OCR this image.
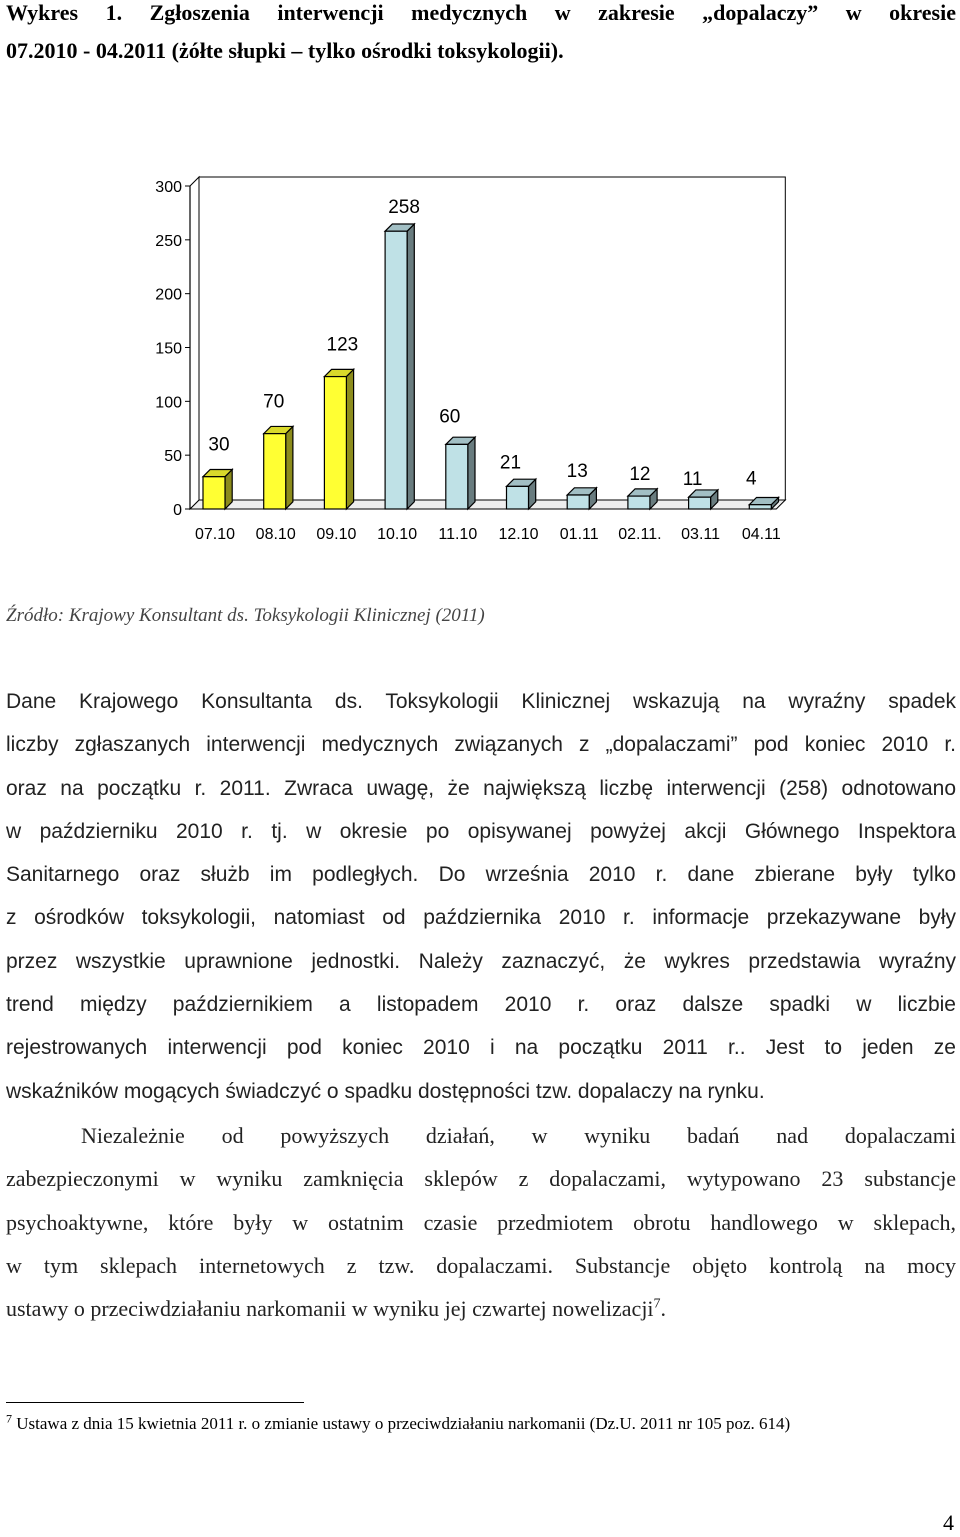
Wykres 1. Zgłoszenia interwencji medycznych w zakresie „dopalaczy” w okresie
07.2010 - 04.2011 (żółte słupki – tylko ośrodki toksykologii).
0
50
100
150
200
250
300
30
70
123
258
60
21 13 12 11 4
07.10 08.10 09.10 10.10 11.10 12.10 01.11 02.11. 03.11 04.11
Źródło: Krajowy Konsultant ds. Toksykologii Klinicznej (2011)
Dane Krajowego Konsultanta ds. Toksykologii Klinicznej wskazują na wyraźny spadek
liczby zgłaszanych interwencji medycznych związanych z „dopalaczami” pod koniec 2010 r.
oraz na początku r. 2011. Zwraca uwagę, że największą liczbę interwencji (258) odnotowano
w październiku 2010 r. tj. w okresie po opisywanej powyżej akcji Głównego Inspektora
Sanitarnego oraz służb im podległych. Do września 2010 r. dane zbierane były tylko
z ośrodków toksykologii, natomiast od października 2010 r. informacje przekazywane były
przez wszystkie uprawnione jednostki. Należy zaznaczyć, że wykres przedstawia wyraźny
trend między październikiem a listopadem 2010 r. oraz dalsze spadki w liczbie
rejestrowanych interwencji pod koniec 2010 i na początku 2011 r.. Jest to jeden ze
wskaźników mogących świadczyć o spadku dostępności tzw. dopalaczy na rynku.
Niezależnie od powyższych działań, w wyniku badań nad dopalaczami
zabezpieczonymi w wyniku zamknięcia sklepów z dopalaczami, wytypowano 23 substancje
psychoaktywne, które były w ostatnim czasie przedmiotem obrotu handlowego w sklepach,
w tym sklepach internetowych z tzw. dopalaczami. Substancje objęto kontrolą na mocy
ustawy o przeciwdziałaniu narkomanii w wyniku jej czwartej nowelizacji$^7$.
$^7$ Ustawa z dnia 15 kwietnia 2011 r. o zmianie ustawy o przeciwdziałaniu narkomanii (Dz.U. 2011 nr 105 poz. 614)
4
